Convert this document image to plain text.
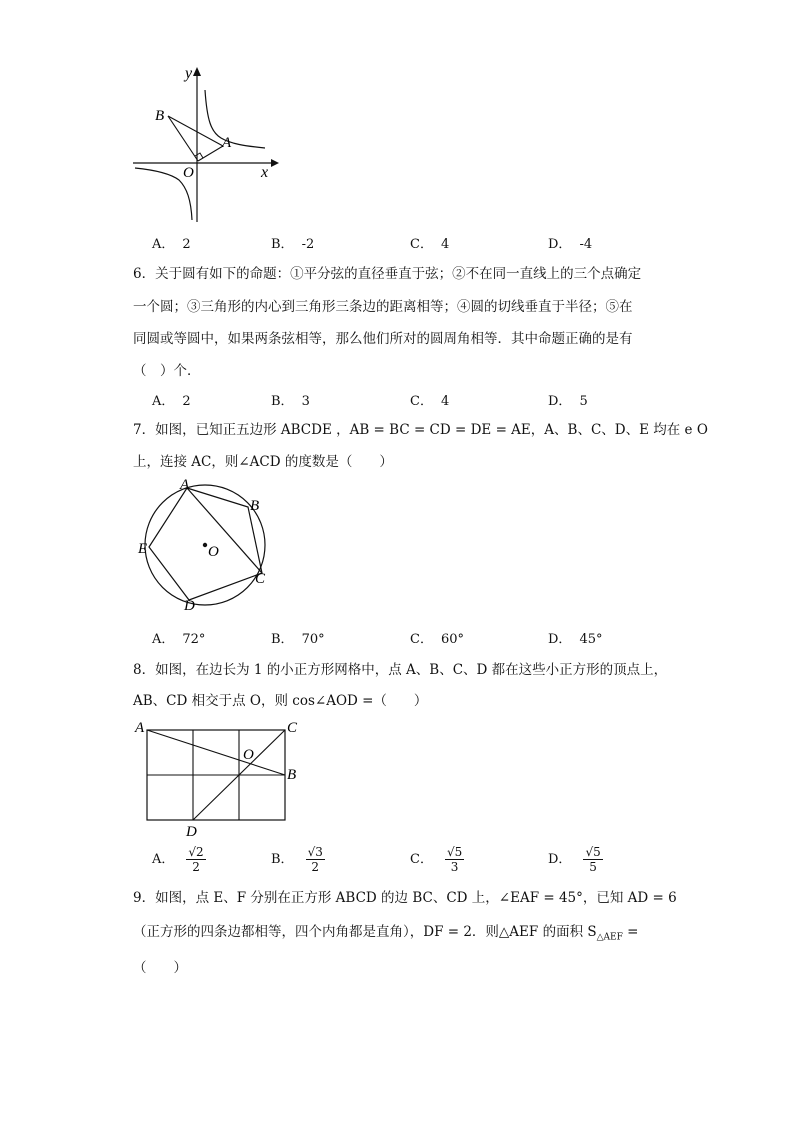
y
x
O
A
B
A． 2	B． -2	C． 4	D． -4
6．关于圆有如下的命题：①平分弦的直径垂直于弦；②不在同一直线上的三个点确定
一个圆；③三角形的内心到三角形三条边的距离相等；④圆的切线垂直于半径；⑤在
同圆或等圆中，如果两条弦相等，那么他们所对的圆周角相等．其中命题正确的是有
（　）个．
A． 2	B． 3	C． 4	D． 5
7．如图，已知正五边形 ABCDE ，AB = BC = CD = DE = AE，A、B、C、D、E 均在 e O
上，连接 AC，则∠ACD 的度数是（　　）
A
B
C
D
E	O
A． 72°	B． 70°	C． 60°	D． 45°
8．如图，在边长为 1 的小正方形网格中，点 A、B、C、D 都在这些小正方形的顶点上，
AB、CD 相交于点 O，则 cos∠AOD =（　　）
A	C
B
D
O
A． $\frac{√2}{2}$	B． $\frac{√3}{2}$	C． $\frac{√5}{3}$	D． $\frac{√5}{5}$
9．如图，点 E、F 分别在正方形 ABCD 的边 BC、CD 上，∠EAF = 45°，已知 AD = 6
（正方形的四条边都相等，四个内角都是直角），DF = 2．则△AEF 的面积 $S_{\triangle AEF}$ =
（　　）
